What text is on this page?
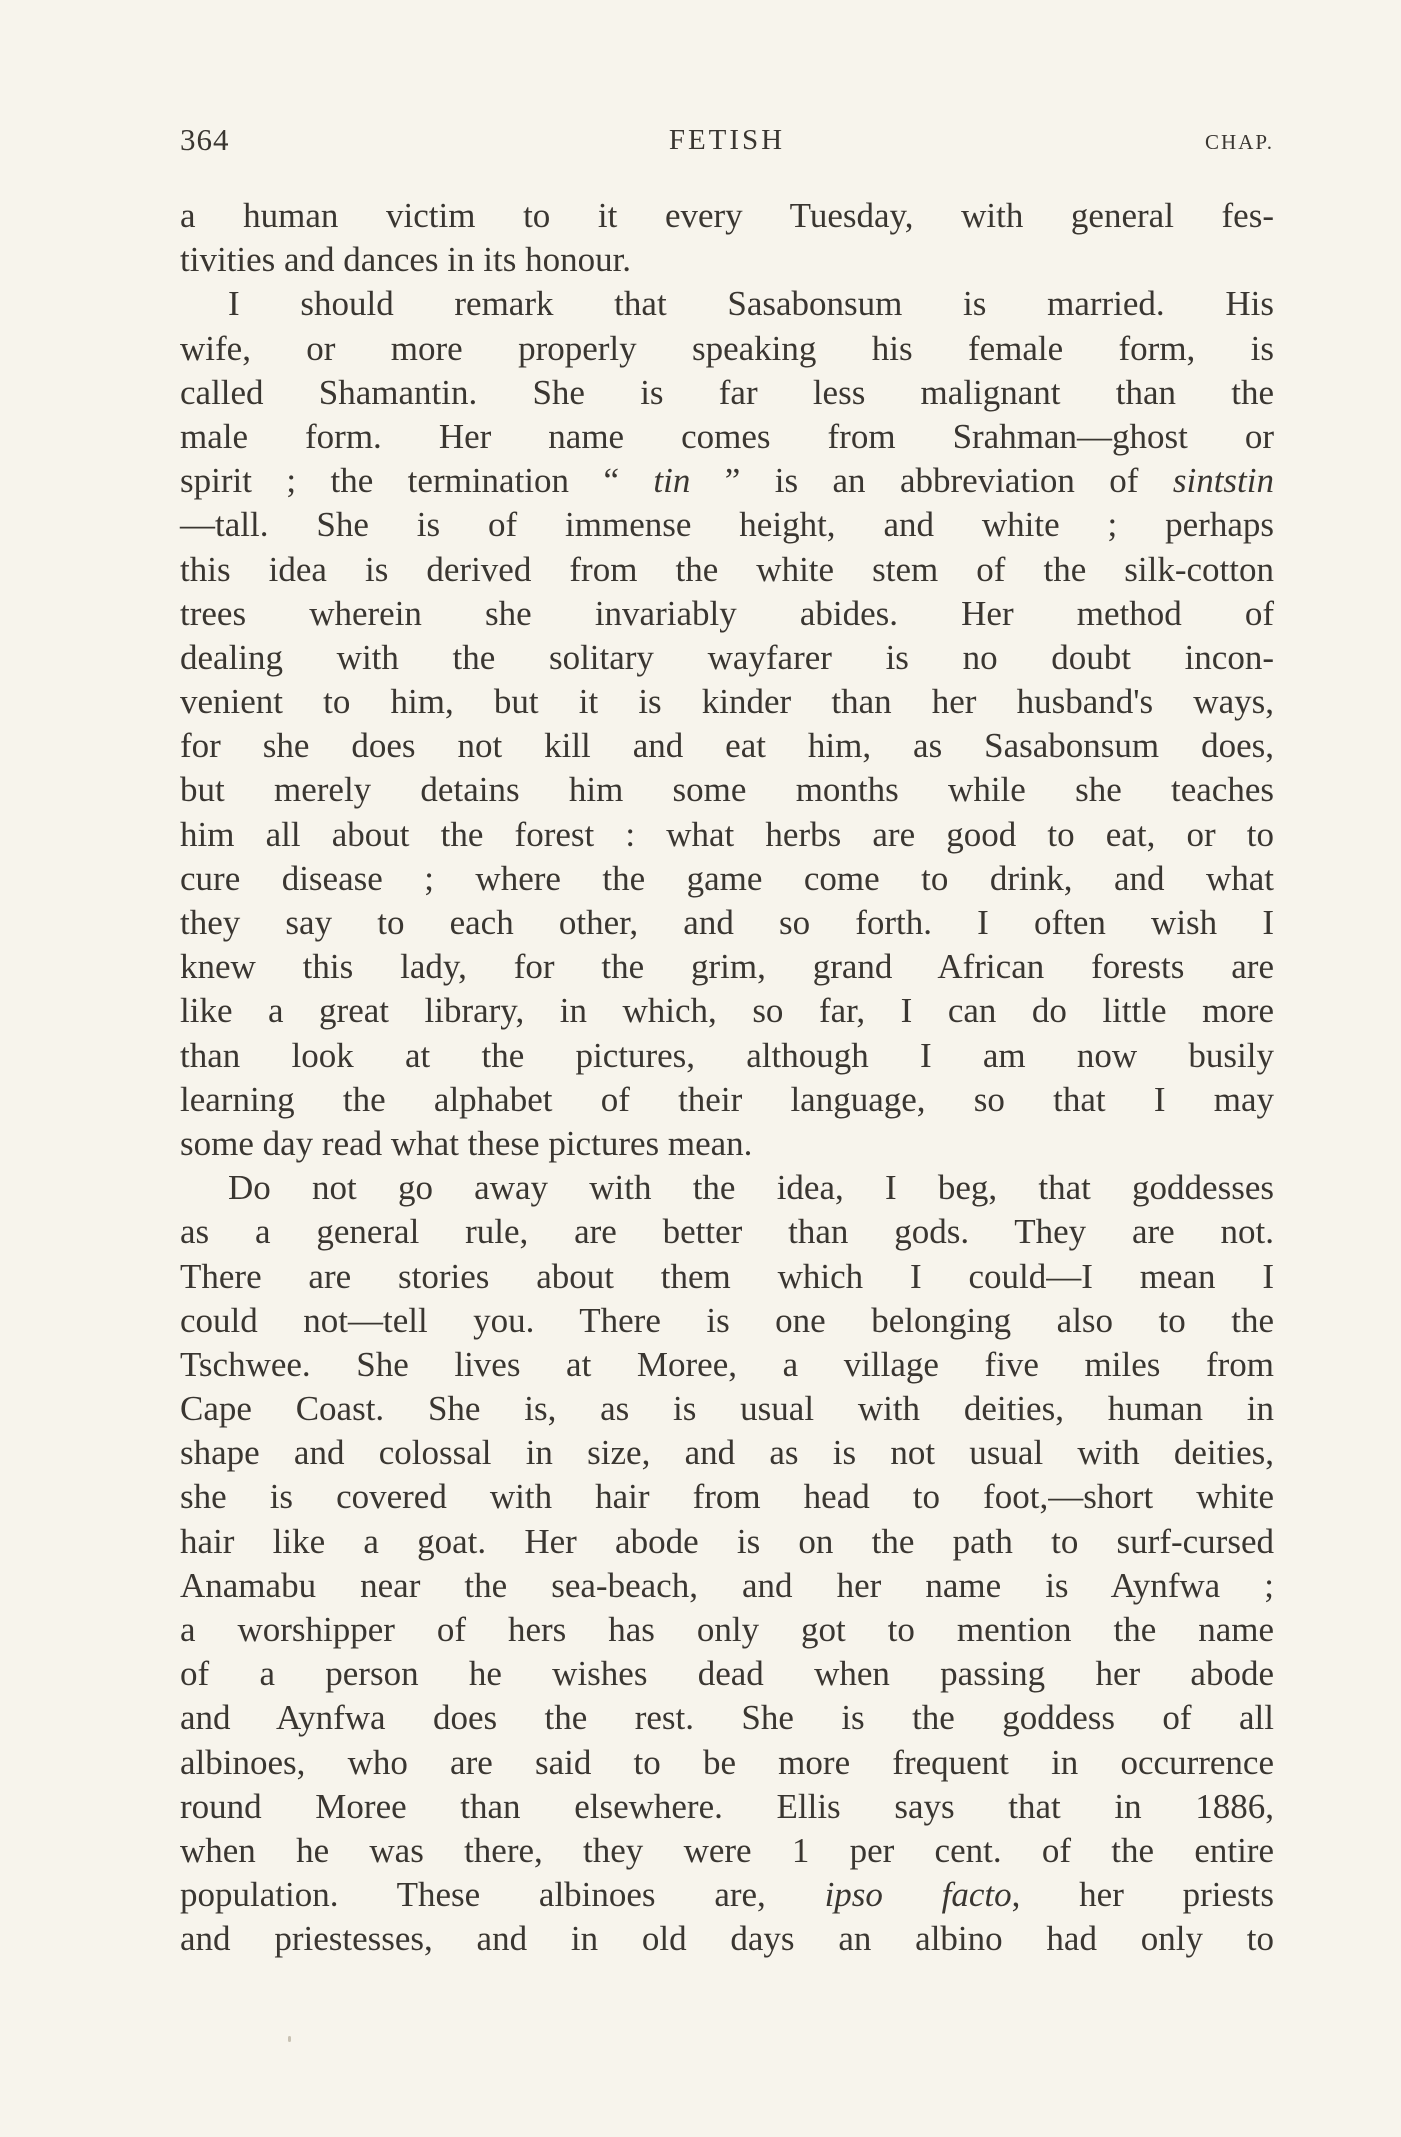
364	FETISH	CHAP.
a human victim to it every Tuesday, with general fes-
tivities and dances in its honour.
I should remark that Sasabonsum is married. His
wife, or more properly speaking his female form, is
called Shamantin. She is far less malignant than the
male form. Her name comes from Srahman—ghost or
spirit ; the termination “ tin ” is an abbreviation of sintstin
—tall. She is of immense height, and white ; perhaps
this idea is derived from the white stem of the silk-cotton
trees wherein she invariably abides. Her method of
dealing with the solitary wayfarer is no doubt incon-
venient to him, but it is kinder than her husband's ways,
for she does not kill and eat him, as Sasabonsum does,
but merely detains him some months while she teaches
him all about the forest : what herbs are good to eat, or to
cure disease ; where the game come to drink, and what
they say to each other, and so forth. I often wish I
knew this lady, for the grim, grand African forests are
like a great library, in which, so far, I can do little more
than look at the pictures, although I am now busily
learning the alphabet of their language, so that I may
some day read what these pictures mean.
Do not go away with the idea, I beg, that goddesses
as a general rule, are better than gods. They are not.
There are stories about them which I could—I mean I
could not—tell you. There is one belonging also to the
Tschwee. She lives at Moree, a village five miles from
Cape Coast. She is, as is usual with deities, human in
shape and colossal in size, and as is not usual with deities,
she is covered with hair from head to foot,—short white
hair like a goat. Her abode is on the path to surf-cursed
Anamabu near the sea-beach, and her name is Aynfwa ;
a worshipper of hers has only got to mention the name
of a person he wishes dead when passing her abode
and Aynfwa does the rest. She is the goddess of all
albinoes, who are said to be more frequent in occurrence
round Moree than elsewhere. Ellis says that in 1886,
when he was there, they were 1 per cent. of the entire
population. These albinoes are, ipso facto, her priests
and priestesses, and in old days an albino had only to
